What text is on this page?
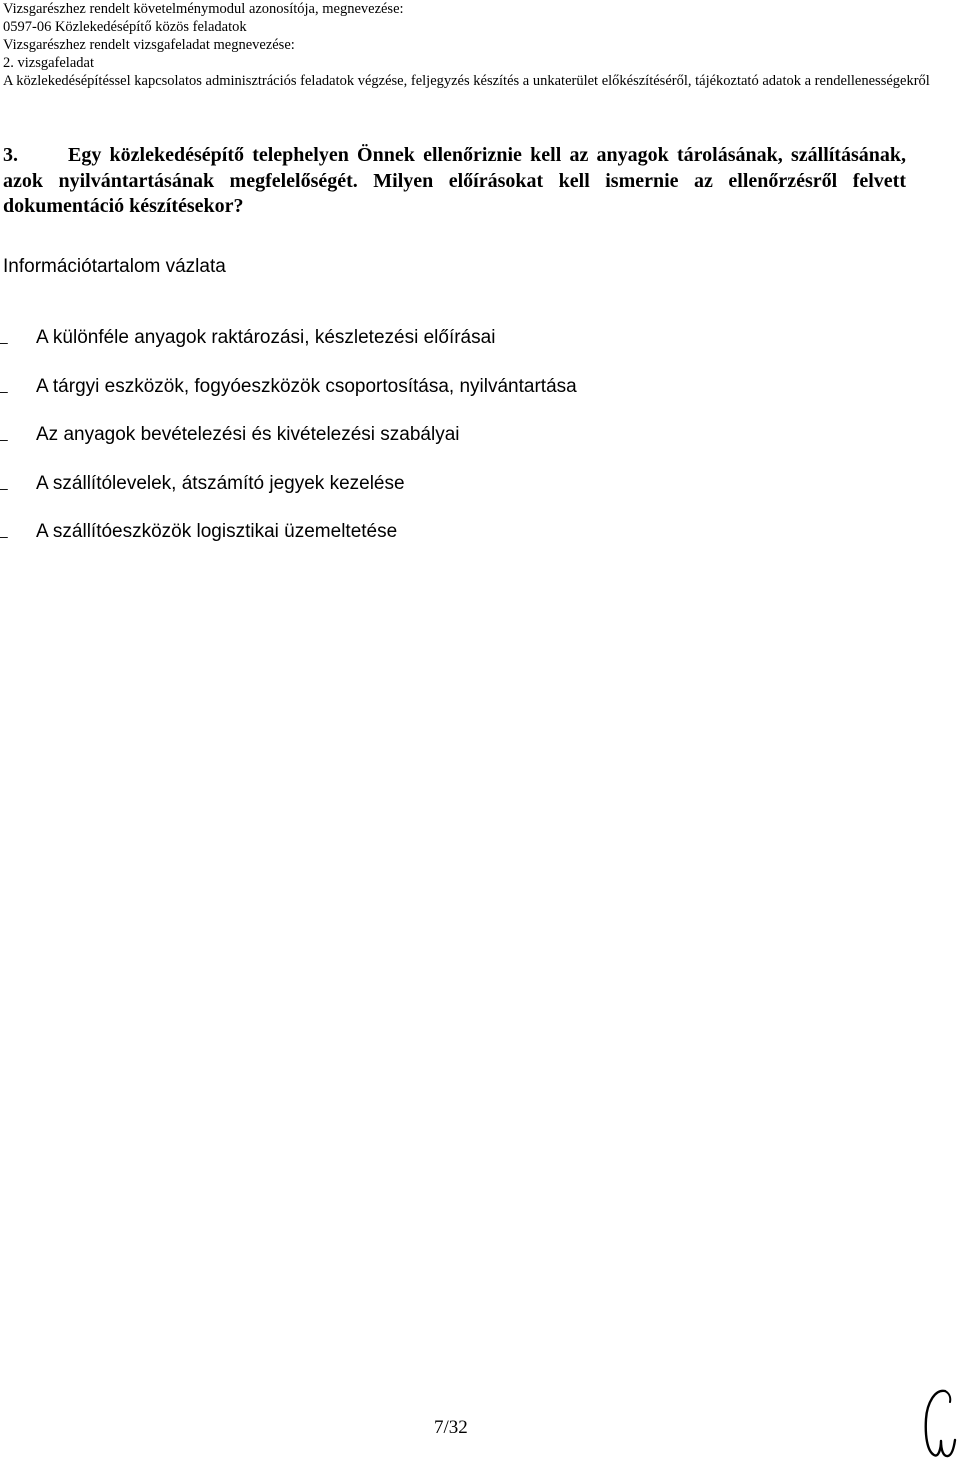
Vizsgarészhez rendelt követelménymodul azonosítója, megnevezése:
0597-06 Közlekedésépítő közös feladatok
Vizsgarészhez rendelt vizsgafeladat megnevezése:
2. vizsgafeladat
A közlekedésépítéssel kapcsolatos adminisztrációs feladatok végzése, feljegyzés készítés a unkaterület előkészítéséről, tájékoztató adatok a rendellenességekről
3.	Egy közlekedésépítő telephelyen Önnek ellenőriznie kell az anyagok tárolásának, szállításának, azok nyilvántartásának megfelelőségét. Milyen előírásokat kell ismernie az ellenőrzésről felvett dokumentáció készítésekor?
Információtartalom vázlata
– A különféle anyagok raktározási, készletezési előírásai
– A tárgyi eszközök, fogyóeszközök csoportosítása, nyilvántartása
– Az anyagok bevételezési és kivételezési szabályai
– A szállítólevelek, átszámító jegyek kezelése
– A szállítóeszközök logisztikai üzemeltetése
7/32
